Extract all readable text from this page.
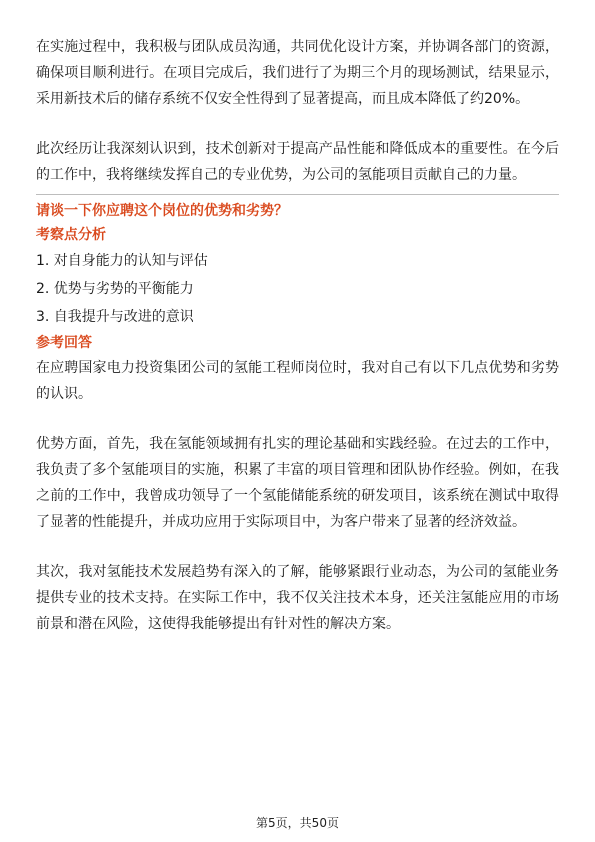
在实施过程中，我积极与团队成员沟通，共同优化设计方案，并协调各部门的资源，确保项目顺利进行。在项目完成后，我们进行了为期三个月的现场测试，结果显示，采用新技术后的储存系统不仅安全性得到了显著提高，而且成本降低了约20%。

此次经历让我深刻认识到，技术创新对于提高产品性能和降低成本的重要性。在今后的工作中，我将继续发挥自己的专业优势，为公司的氢能项目贡献自己的力量。

请谈一下你应聘这个岗位的优势和劣势？

考察点分析

1. 对自身能力的认知与评估

2. 优势与劣势的平衡能力

3. 自我提升与改进的意识

参考回答

在应聘国家电力投资集团公司的氢能工程师岗位时，我对自己有以下几点优势和劣势的认识。

优势方面，首先，我在氢能领域拥有扎实的理论基础和实践经验。在过去的工作中，我负责了多个氢能项目的实施，积累了丰富的项目管理和团队协作经验。例如，在我之前的工作中，我曾成功领导了一个氢能储能系统的研发项目，该系统在测试中取得了显著的性能提升，并成功应用于实际项目中，为客户带来了显著的经济效益。

其次，我对氢能技术发展趋势有深入的了解，能够紧跟行业动态，为公司的氢能业务提供专业的技术支持。在实际工作中，我不仅关注技术本身，还关注氢能应用的市场前景和潜在风险，这使得我能够提出有针对性的解决方案。

第5页，共50页
